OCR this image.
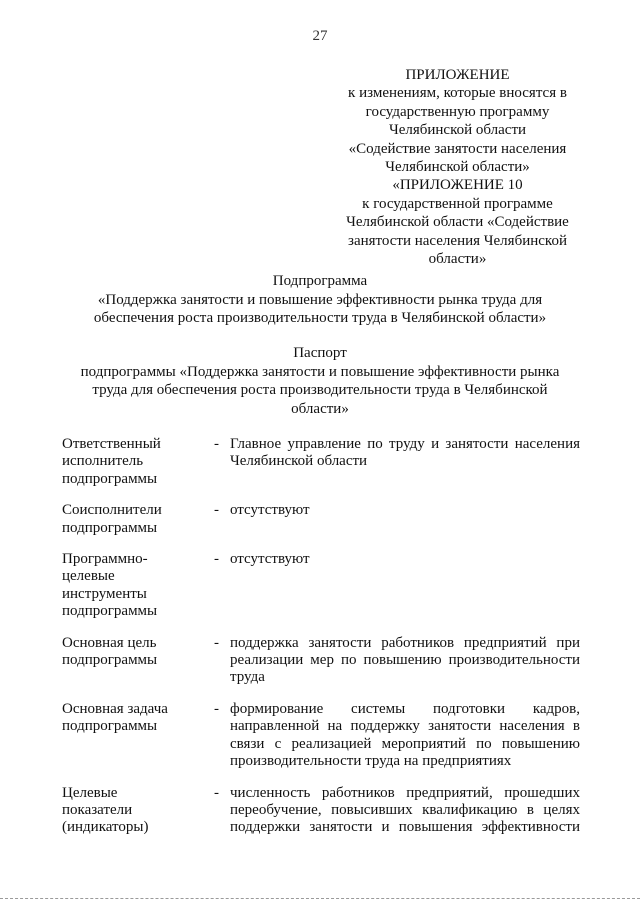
27
ПРИЛОЖЕНИЕ
к изменениям, которые вносятся в
государственную программу
Челябинской области
«Содействие занятости населения
Челябинской области»
«ПРИЛОЖЕНИЕ 10
к государственной программе
Челябинской области «Содействие
занятости населения Челябинской
области»
Подпрограмма
«Поддержка занятости и повышение эффективности рынка труда для
обеспечения роста производительности труда в Челябинской области»
Паспорт
подпрограммы «Поддержка занятости и повышение эффективности рынка
труда для обеспечения роста производительности труда в Челябинской
области»
Ответственный
исполнитель
подпрограммы
- Главное управление по труду и занятости населения
Челябинской области
Соисполнители
подпрограммы
- отсутствуют
Программно-
целевые
инструменты
подпрограммы
- отсутствуют
Основная цель
подпрограммы
- поддержка занятости работников предприятий при
реализации мер по повышению производительности
труда
Основная задача
подпрограммы
- формирование системы подготовки кадров,
направленной на поддержку занятости населения в
связи с реализацией мероприятий по повышению
производительности труда на предприятиях
Целевые
показатели
(индикаторы)
- численность работников предприятий, прошедших
переобучение, повысивших квалификацию в целях
поддержки занятости и повышения эффективности
